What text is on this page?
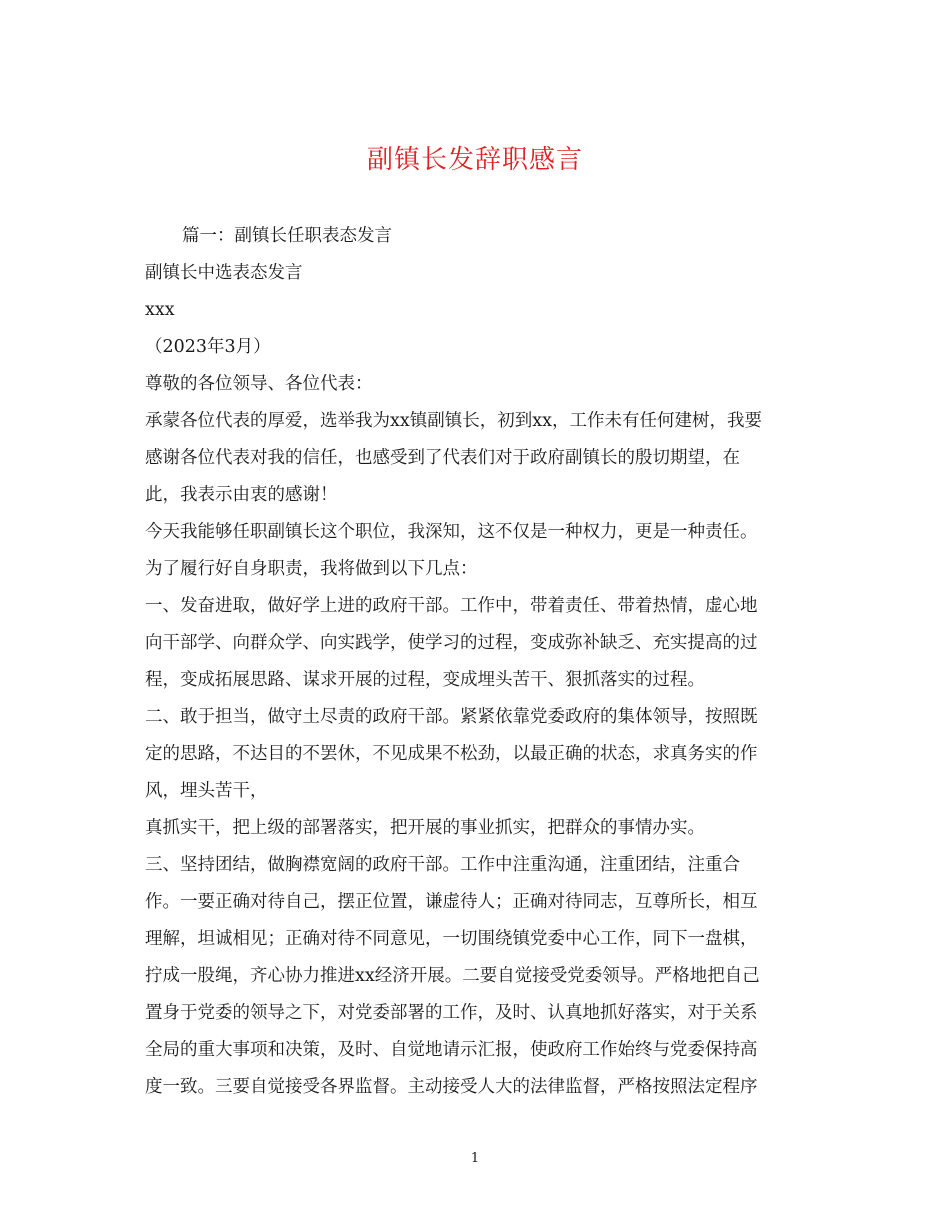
副镇长发辞职感言
篇一：副镇长任职表态发言
副镇长中选表态发言
xxx
（2023年3月）
尊敬的各位领导、各位代表：
承蒙各位代表的厚爱，选举我为xx镇副镇长，初到xx，工作未有任何建树，我要
感谢各位代表对我的信任，也感受到了代表们对于政府副镇长的殷切期望，在
此，我表示由衷的感谢！
今天我能够任职副镇长这个职位，我深知，这不仅是一种权力，更是一种责任。
为了履行好自身职责，我将做到以下几点：
一、发奋进取，做好学上进的政府干部。工作中，带着责任、带着热情，虚心地
向干部学、向群众学、向实践学，使学习的过程，变成弥补缺乏、充实提高的过
程，变成拓展思路、谋求开展的过程，变成埋头苦干、狠抓落实的过程。
二、敢于担当，做守土尽责的政府干部。紧紧依靠党委政府的集体领导，按照既
定的思路，不达目的不罢休，不见成果不松劲，以最正确的状态，求真务实的作
风，埋头苦干，
真抓实干，把上级的部署落实，把开展的事业抓实，把群众的事情办实。
三、坚持团结，做胸襟宽阔的政府干部。工作中注重沟通，注重团结，注重合
作。一要正确对待自己，摆正位置，谦虚待人；正确对待同志，互尊所长，相互
理解，坦诚相见；正确对待不同意见，一切围绕镇党委中心工作，同下一盘棋，
拧成一股绳，齐心协力推进xx经济开展。二要自觉接受党委领导。严格地把自己
置身于党委的领导之下，对党委部署的工作，及时、认真地抓好落实，对于关系
全局的重大事项和决策，及时、自觉地请示汇报，使政府工作始终与党委保持高
度一致。三要自觉接受各界监督。主动接受人大的法律监督，严格按照法定程序
1
